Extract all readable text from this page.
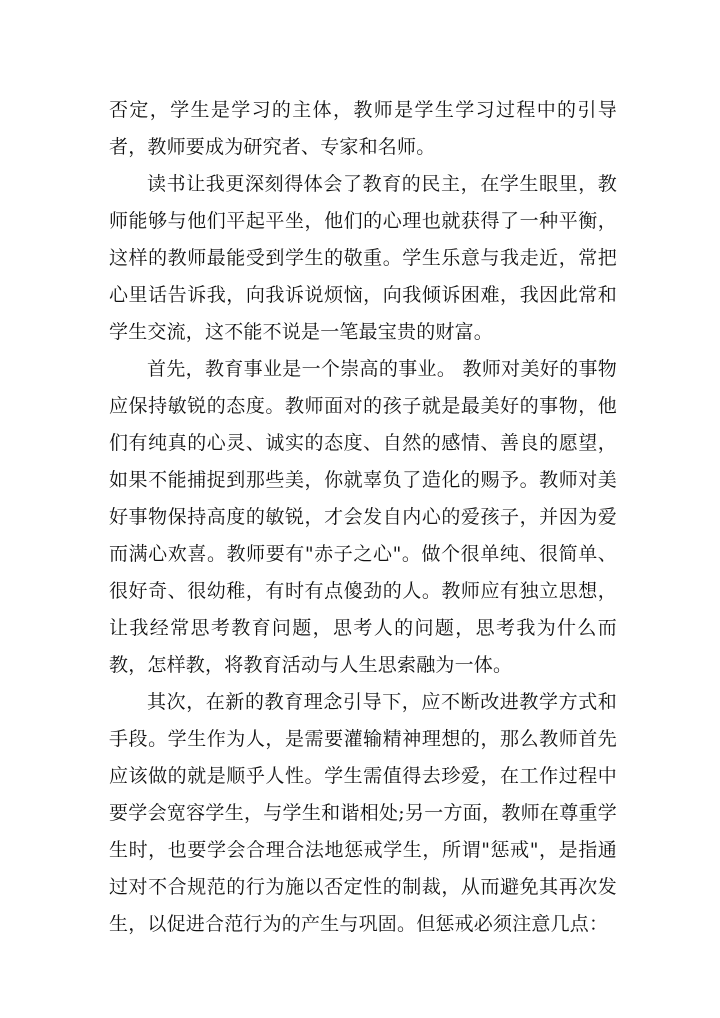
否定，学生是学习的主体，教师是学生学习过程中的引导者，教师要成为研究者、专家和名师。

读书让我更深刻得体会了教育的民主，在学生眼里，教师能够与他们平起平坐，他们的心理也就获得了一种平衡，这样的教师最能受到学生的敬重。学生乐意与我走近，常把心里话告诉我，向我诉说烦恼，向我倾诉困难，我因此常和学生交流，这不能不说是一笔最宝贵的财富。

首先，教育事业是一个崇高的事业。 教师对美好的事物应保持敏锐的态度。教师面对的孩子就是最美好的事物，他们有纯真的心灵、诚实的态度、自然的感情、善良的愿望，如果不能捕捉到那些美，你就辜负了造化的赐予。教师对美好事物保持高度的敏锐，才会发自内心的爱孩子，并因为爱而满心欢喜。教师要有"赤子之心"。做个很单纯、很简单、很好奇、很幼稚，有时有点傻劲的人。教师应有独立思想，让我经常思考教育问题，思考人的问题，思考我为什么而教，怎样教，将教育活动与人生思索融为一体。

其次，在新的教育理念引导下，应不断改进教学方式和手段。学生作为人，是需要灌输精神理想的，那么教师首先应该做的就是顺乎人性。学生需值得去珍爱，在工作过程中要学会宽容学生，与学生和谐相处;另一方面，教师在尊重学生时，也要学会合理合法地惩戒学生，所谓"惩戒"，是指通过对不合规范的行为施以否定性的制裁，从而避免其再次发生，以促进合范行为的产生与巩固。但惩戒必须注意几点：
